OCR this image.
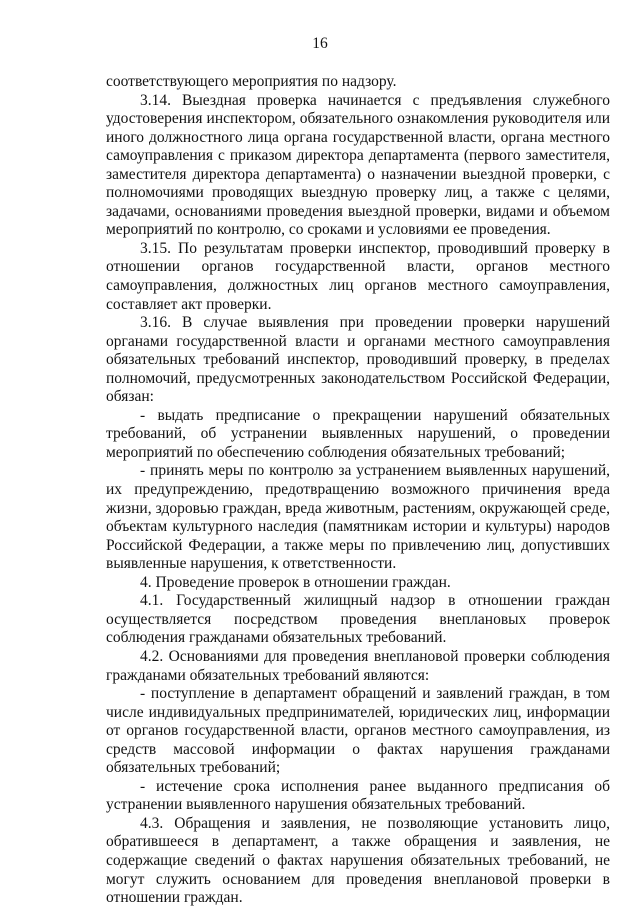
16

соответствующего мероприятия по надзору.

3.14. Выездная проверка начинается с предъявления служебного удостоверения инспектором, обязательного ознакомления руководителя или иного должностного лица органа государственной власти, органа местного самоуправления с приказом директора департамента (первого заместителя, заместителя директора департамента) о назначении выездной проверки, с полномочиями проводящих выездную проверку лиц, а также с целями, задачами, основаниями проведения выездной проверки, видами и объемом мероприятий по контролю, со сроками и условиями ее проведения.

3.15. По результатам проверки инспектор, проводивший проверку в отношении органов государственной власти, органов местного самоуправления, должностных лиц органов местного самоуправления, составляет акт проверки.

3.16. В случае выявления при проведении проверки нарушений органами государственной власти и органами местного самоуправления обязательных требований инспектор, проводивший проверку, в пределах полномочий, предусмотренных законодательством Российской Федерации, обязан:

- выдать предписание о прекращении нарушений обязательных требований, об устранении выявленных нарушений, о проведении мероприятий по обеспечению соблюдения обязательных требований;

- принять меры по контролю за устранением выявленных нарушений, их предупреждению, предотвращению возможного причинения вреда жизни, здоровью граждан, вреда животным, растениям, окружающей среде, объектам культурного наследия (памятникам истории и культуры) народов Российской Федерации, а также меры по привлечению лиц, допустивших выявленные нарушения, к ответственности.

4. Проведение проверок в отношении граждан.

4.1. Государственный жилищный надзор в отношении граждан осуществляется посредством проведения внеплановых проверок соблюдения гражданами обязательных требований.

4.2. Основаниями для проведения внеплановой проверки соблюдения гражданами обязательных требований являются:

- поступление в департамент обращений и заявлений граждан, в том числе индивидуальных предпринимателей, юридических лиц, информации от органов государственной власти, органов местного самоуправления, из средств массовой информации о фактах нарушения гражданами обязательных требований;

- истечение срока исполнения ранее выданного предписания об устранении выявленного нарушения обязательных требований.

4.3. Обращения и заявления, не позволяющие установить лицо, обратившееся в департамент, а также обращения и заявления, не содержащие сведений о фактах нарушения обязательных требований, не могут служить основанием для проведения внеплановой проверки в отношении граждан.
